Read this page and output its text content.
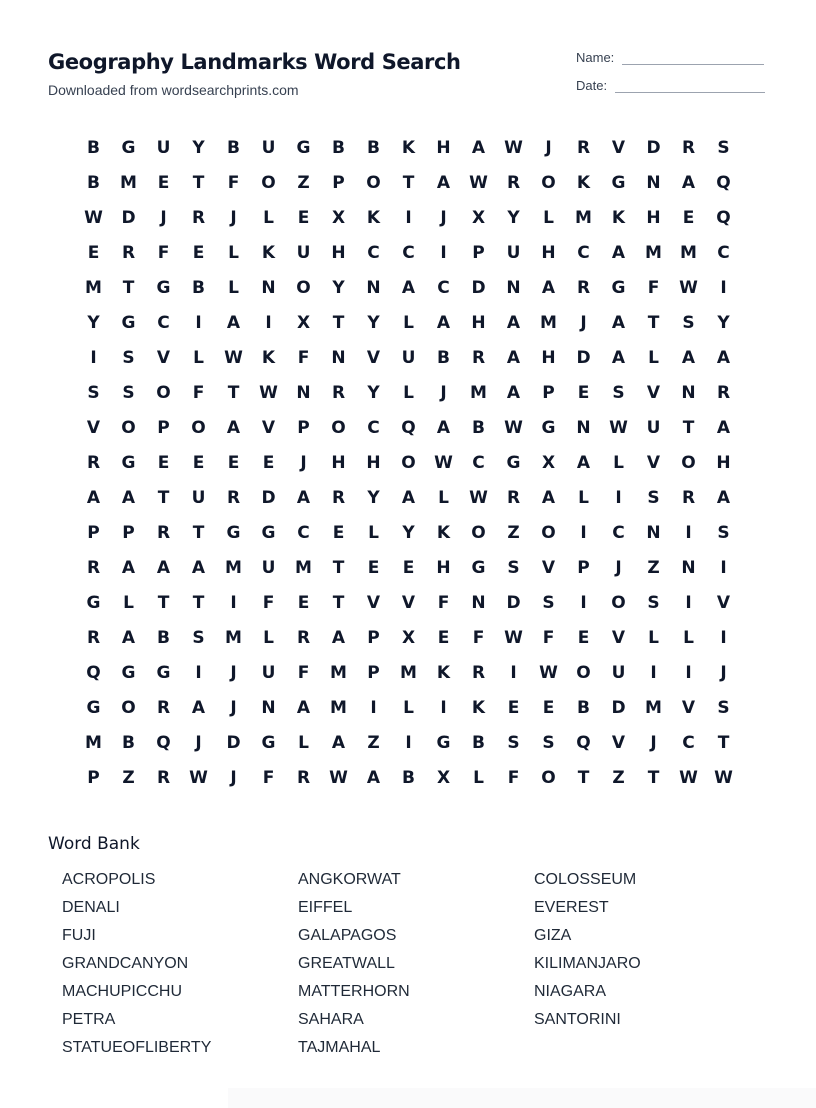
Geography Landmarks Word Search
Downloaded from wordsearchprints.com
Name:
Date:
B	G	U	Y	B	U	G	B	B	K	H	A	W	J	R	V	D	R	S
B	M	E	T	F	O	Z	P	O	T	A	W	R	O	K	G	N	A	Q
W	D	J	R	J	L	E	X	K	I	J	X	Y	L	M	K	H	E	Q
E	R	F	E	L	K	U	H	C	C	I	P	U	H	C	A	M	M	C
M	T	G	B	L	N	O	Y	N	A	C	D	N	A	R	G	F	W	I
Y	G	C	I	A	I	X	T	Y	L	A	H	A	M	J	A	T	S	Y
I	S	V	L	W	K	F	N	V	U	B	R	A	H	D	A	L	A	A
S	S	O	F	T	W	N	R	Y	L	J	M	A	P	E	S	V	N	R
V	O	P	O	A	V	P	O	C	Q	A	B	W	G	N	W	U	T	A
R	G	E	E	E	E	J	H	H	O	W	C	G	X	A	L	V	O	H
A	A	T	U	R	D	A	R	Y	A	L	W	R	A	L	I	S	R	A
P	P	R	T	G	G	C	E	L	Y	K	O	Z	O	I	C	N	I	S
R	A	A	A	M	U	M	T	E	E	H	G	S	V	P	J	Z	N	I
G	L	T	T	I	F	E	T	V	V	F	N	D	S	I	O	S	I	V
R	A	B	S	M	L	R	A	P	X	E	F	W	F	E	V	L	L	I
Q	G	G	I	J	U	F	M	P	M	K	R	I	W	O	U	I	I	J
G	O	R	A	J	N	A	M	I	L	I	K	E	E	B	D	M	V	S
M	B	Q	J	D	G	L	A	Z	I	G	B	S	S	Q	V	J	C	T
P	Z	R	W	J	F	R	W	A	B	X	L	F	O	T	Z	T	W W
Word Bank
ACROPOLIS	ANGKORWAT	COLOSSEUM
DENALI	EIFFEL	EVEREST
FUJI	GALAPAGOS	GIZA
GRANDCANYON	GREATWALL	KILIMANJARO
MACHUPICCHU	MATTERHORN	NIAGARA
PETRA	SAHARA	SANTORINI
STATUEOFLIBERTY	TAJMAHAL
